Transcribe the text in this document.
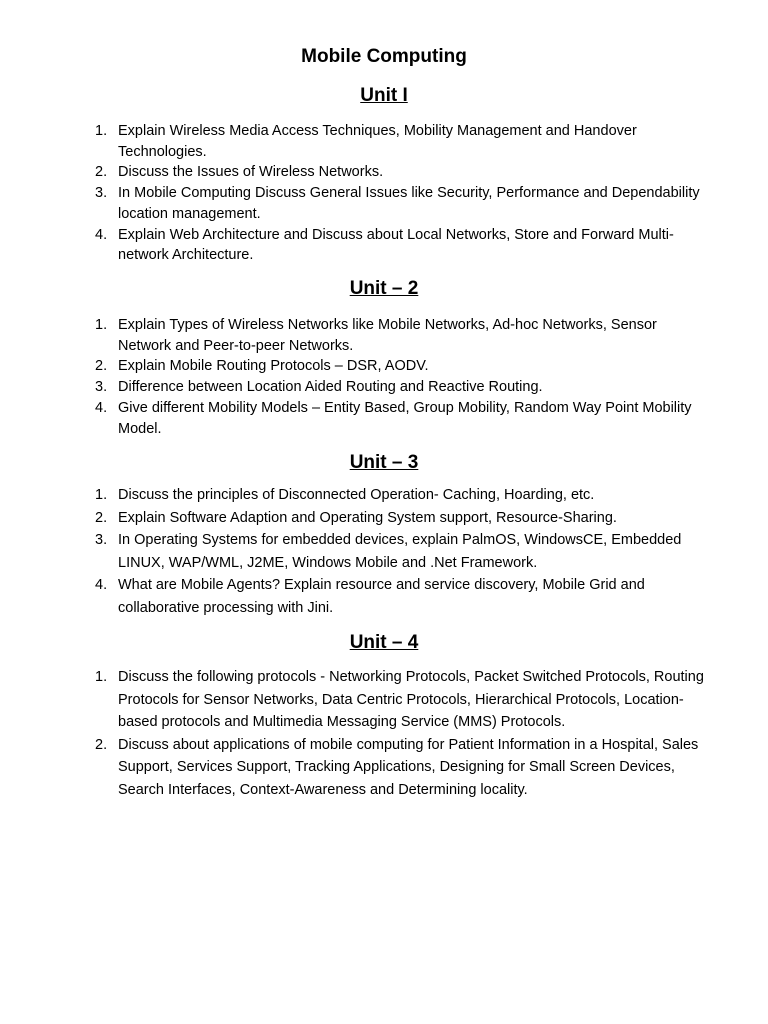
Mobile Computing
Unit I
1. Explain Wireless Media Access Techniques, Mobility Management and Handover Technologies.
2. Discuss the Issues of Wireless Networks.
3. In Mobile Computing Discuss General Issues like Security, Performance and Dependability location management.
4. Explain Web Architecture and Discuss about Local Networks, Store and Forward Multi-network Architecture.
Unit – 2
1. Explain Types of Wireless Networks like Mobile Networks, Ad-hoc Networks, Sensor Network and Peer-to-peer Networks.
2. Explain Mobile Routing Protocols – DSR, AODV.
3. Difference between Location Aided Routing and Reactive Routing.
4. Give different Mobility Models – Entity Based, Group Mobility, Random Way Point Mobility Model.
Unit – 3
1. Discuss the principles of Disconnected Operation- Caching, Hoarding, etc.
2. Explain Software Adaption and Operating System support, Resource-Sharing.
3. In Operating Systems for embedded devices, explain PalmOS, WindowsCE, Embedded LINUX, WAP/WML, J2ME, Windows Mobile and .Net Framework.
4. What are Mobile Agents? Explain resource and service discovery, Mobile Grid and collaborative processing with Jini.
Unit – 4
1. Discuss the following protocols - Networking Protocols, Packet Switched Protocols, Routing Protocols for Sensor Networks, Data Centric Protocols, Hierarchical Protocols, Location-based protocols and Multimedia Messaging Service (MMS) Protocols.
2. Discuss about applications of mobile computing for Patient Information in a Hospital, Sales Support, Services Support, Tracking Applications, Designing for Small Screen Devices, Search Interfaces, Context-Awareness and Determining locality.
